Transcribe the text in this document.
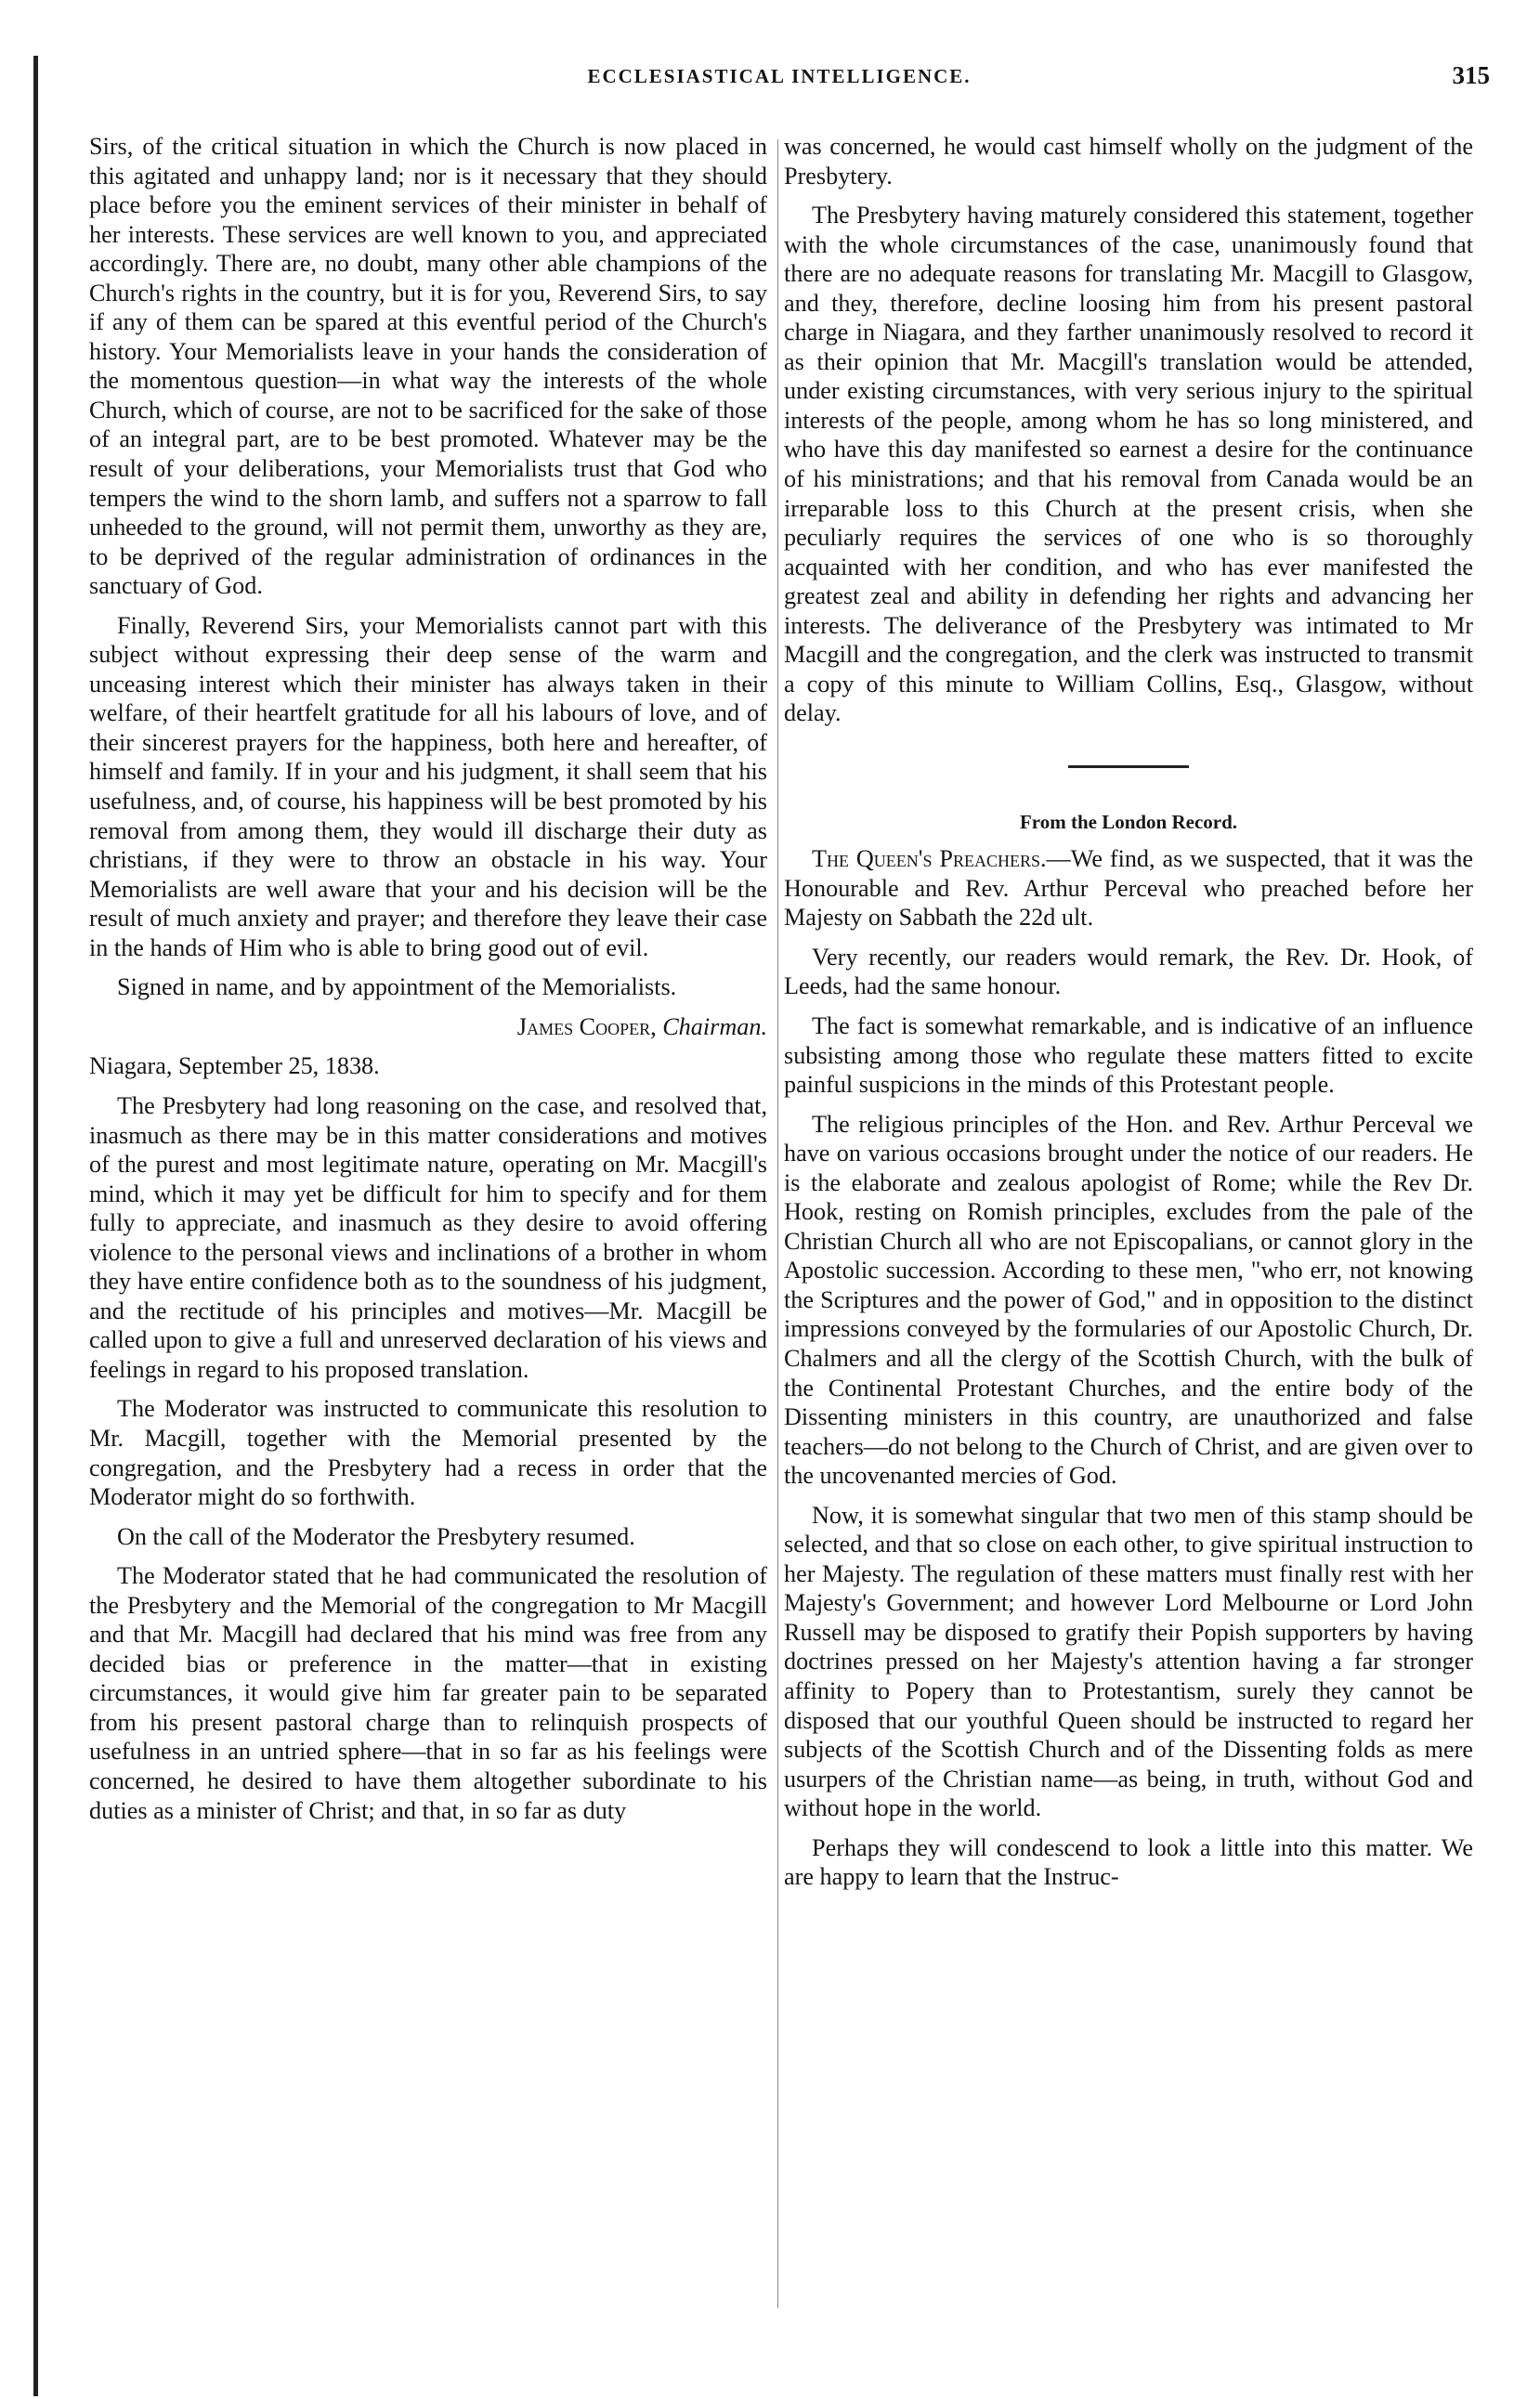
ECCLESIASTICAL INTELLIGENCE.	315

Sirs, of the critical situation in which the Church is now placed in this agitated and unhappy land; nor is it necessary that they should place before you the eminent services of their minister in behalf of her interests. These services are well known to you, and appreciated accordingly. There are, no doubt, many other able champions of the Church's rights in the country, but it is for you, Reverend Sirs, to say if any of them can be spared at this eventful period of the Church's history. Your Memorialists leave in your hands the consideration of the momentous question—in what way the interests of the whole Church, which of course, are not to be sacrificed for the sake of those of an integral part, are to be best promoted. Whatever may be the result of your deliberations, your Memorialists trust that God who tempers the wind to the shorn lamb, and suffers not a sparrow to fall unheeded to the ground, will not permit them, unworthy as they are, to be deprived of the regular administration of ordinances in the sanctuary of God.

Finally, Reverend Sirs, your Memorialists cannot part with this subject without expressing their deep sense of the warm and unceasing interest which their minister has always taken in their welfare, of their heartfelt gratitude for all his labours of love, and of their sincerest prayers for the happiness, both here and hereafter, of himself and family. If in your and his judgment, it shall seem that his usefulness, and, of course, his happiness will be best promoted by his removal from among them, they would ill discharge their duty as christians, if they were to throw an obstacle in his way. Your Memorialists are well aware that your and his decision will be the result of much anxiety and prayer; and therefore they leave their case in the hands of Him who is able to bring good out of evil.

Signed in name, and by appointment of the Memorialists.

James Cooper, Chairman.

Niagara, September 25, 1838.

The Presbytery had long reasoning on the case, and resolved that, inasmuch as there may be in this matter considerations and motives of the purest and most legitimate nature, operating on Mr. Macgill's mind, which it may yet be difficult for him to specify and for them fully to appreciate, and inasmuch as they desire to avoid offering violence to the personal views and inclinations of a brother in whom they have entire confidence both as to the soundness of his judgment, and the rectitude of his principles and motives—Mr. Macgill be called upon to give a full and unreserved declaration of his views and feelings in regard to his proposed translation.

The Moderator was instructed to communicate this resolution to Mr. Macgill, together with the Memorial presented by the congregation, and the Presbytery had a recess in order that the Moderator might do so forthwith.

On the call of the Moderator the Presbytery resumed.

The Moderator stated that he had communicated the resolution of the Presbytery and the Memorial of the congregation to Mr Macgill and that Mr. Macgill had declared that his mind was free from any decided bias or preference in the matter—that in existing circumstances, it would give him far greater pain to be separated from his present pastoral charge than to relinquish prospects of usefulness in an untried sphere—that in so far as his feelings were concerned, he desired to have them altogether subordinate to his duties as a minister of Christ; and that, in so far as duty

was concerned, he would cast himself wholly on the judgment of the Presbytery.

The Presbytery having maturely considered this statement, together with the whole circumstances of the case, unanimously found that there are no adequate reasons for translating Mr. Macgill to Glasgow, and they, therefore, decline loosing him from his present pastoral charge in Niagara, and they farther unanimously resolved to record it as their opinion that Mr. Macgill's translation would be attended, under existing circumstances, with very serious injury to the spiritual interests of the people, among whom he has so long ministered, and who have this day manifested so earnest a desire for the continuance of his ministrations; and that his removal from Canada would be an irreparable loss to this Church at the present crisis, when she peculiarly requires the services of one who is so thoroughly acquainted with her condition, and who has ever manifested the greatest zeal and ability in defending her rights and advancing her interests. The deliverance of the Presbytery was intimated to Mr Macgill and the congregation, and the clerk was instructed to transmit a copy of this minute to William Collins, Esq., Glasgow, without delay.

From the London Record.

The Queen's Preachers.—We find, as we suspected, that it was the Honourable and Rev. Arthur Perceval who preached before her Majesty on Sabbath the 22d ult.

Very recently, our readers would remark, the Rev. Dr. Hook, of Leeds, had the same honour.

The fact is somewhat remarkable, and is indicative of an influence subsisting among those who regulate these matters fitted to excite painful suspicions in the minds of this Protestant people.

The religious principles of the Hon. and Rev. Arthur Perceval we have on various occasions brought under the notice of our readers. He is the elaborate and zealous apologist of Rome; while the Rev Dr. Hook, resting on Romish principles, excludes from the pale of the Christian Church all who are not Episcopalians, or cannot glory in the Apostolic succession. According to these men, "who err, not knowing the Scriptures and the power of God," and in opposition to the distinct impressions conveyed by the formularies of our Apostolic Church, Dr. Chalmers and all the clergy of the Scottish Church, with the bulk of the Continental Protestant Churches, and the entire body of the Dissenting ministers in this country, are unauthorized and false teachers—do not belong to the Church of Christ, and are given over to the uncovenanted mercies of God.

Now, it is somewhat singular that two men of this stamp should be selected, and that so close on each other, to give spiritual instruction to her Majesty. The regulation of these matters must finally rest with her Majesty's Government; and however Lord Melbourne or Lord John Russell may be disposed to gratify their Popish supporters by having doctrines pressed on her Majesty's attention having a far stronger affinity to Popery than to Protestantism, surely they cannot be disposed that our youthful Queen should be instructed to regard her subjects of the Scottish Church and of the Dissenting folds as mere usurpers of the Christian name—as being, in truth, without God and without hope in the world.

Perhaps they will condescend to look a little into this matter. We are happy to learn that the Instruc-
